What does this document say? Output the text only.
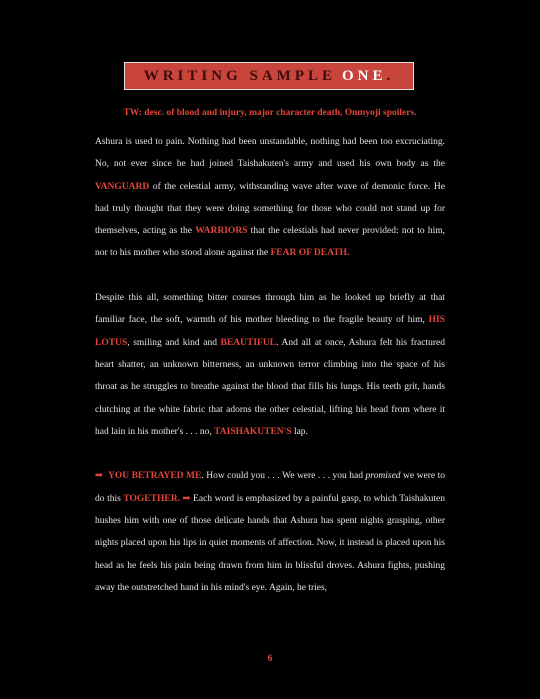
WRITING SAMPLE ONE .
TW: desc. of blood and injury, major character death, Onmyoji spoilers.

Ashura is used to pain. Nothing had been unstandable, nothing had been too excruciating. No, not ever since he had joined Taishakuten's army and used his own body as the VANGUARD of the celestial army, withstanding wave after wave of demonic force. He had truly thought that they were doing something for those who could not stand up for themselves, acting as the WARRIORS that the celestials had never provided: not to him, nor to his mother who stood alone against the FEAR OF DEATH.

Despite this all, something bitter courses through him as he looked up briefly at that familiar face, the soft, warmth of his mother bleeding to the fragile beauty of him, HIS LOTUS, smiling and kind and BEAUTIFUL. And all at once, Ashura felt his fractured heart shatter, an unknown bitterness, an unknown terror climbing into the space of his throat as he struggles to breathe against the blood that fills his lungs. His teeth grit, hands clutching at the white fabric that adorns the other celestial, lifting his head from where it had lain in his mother's . . . no, TAISHAKUTEN'S lap.

➡ YOU BETRAYED ME. How could you . . . We were . . . you had promised we were to do this TOGETHER. ➡ Each word is emphasized by a painful gasp, to which Taishakuten hushes him with one of those delicate hands that Ashura has spent nights grasping, other nights placed upon his lips in quiet moments of affection. Now, it instead is placed upon his head as he feels his pain being drawn from him in blissful droves. Ashura fights, pushing away the outstretched hand in his mind's eye. Again, he tries,

6
